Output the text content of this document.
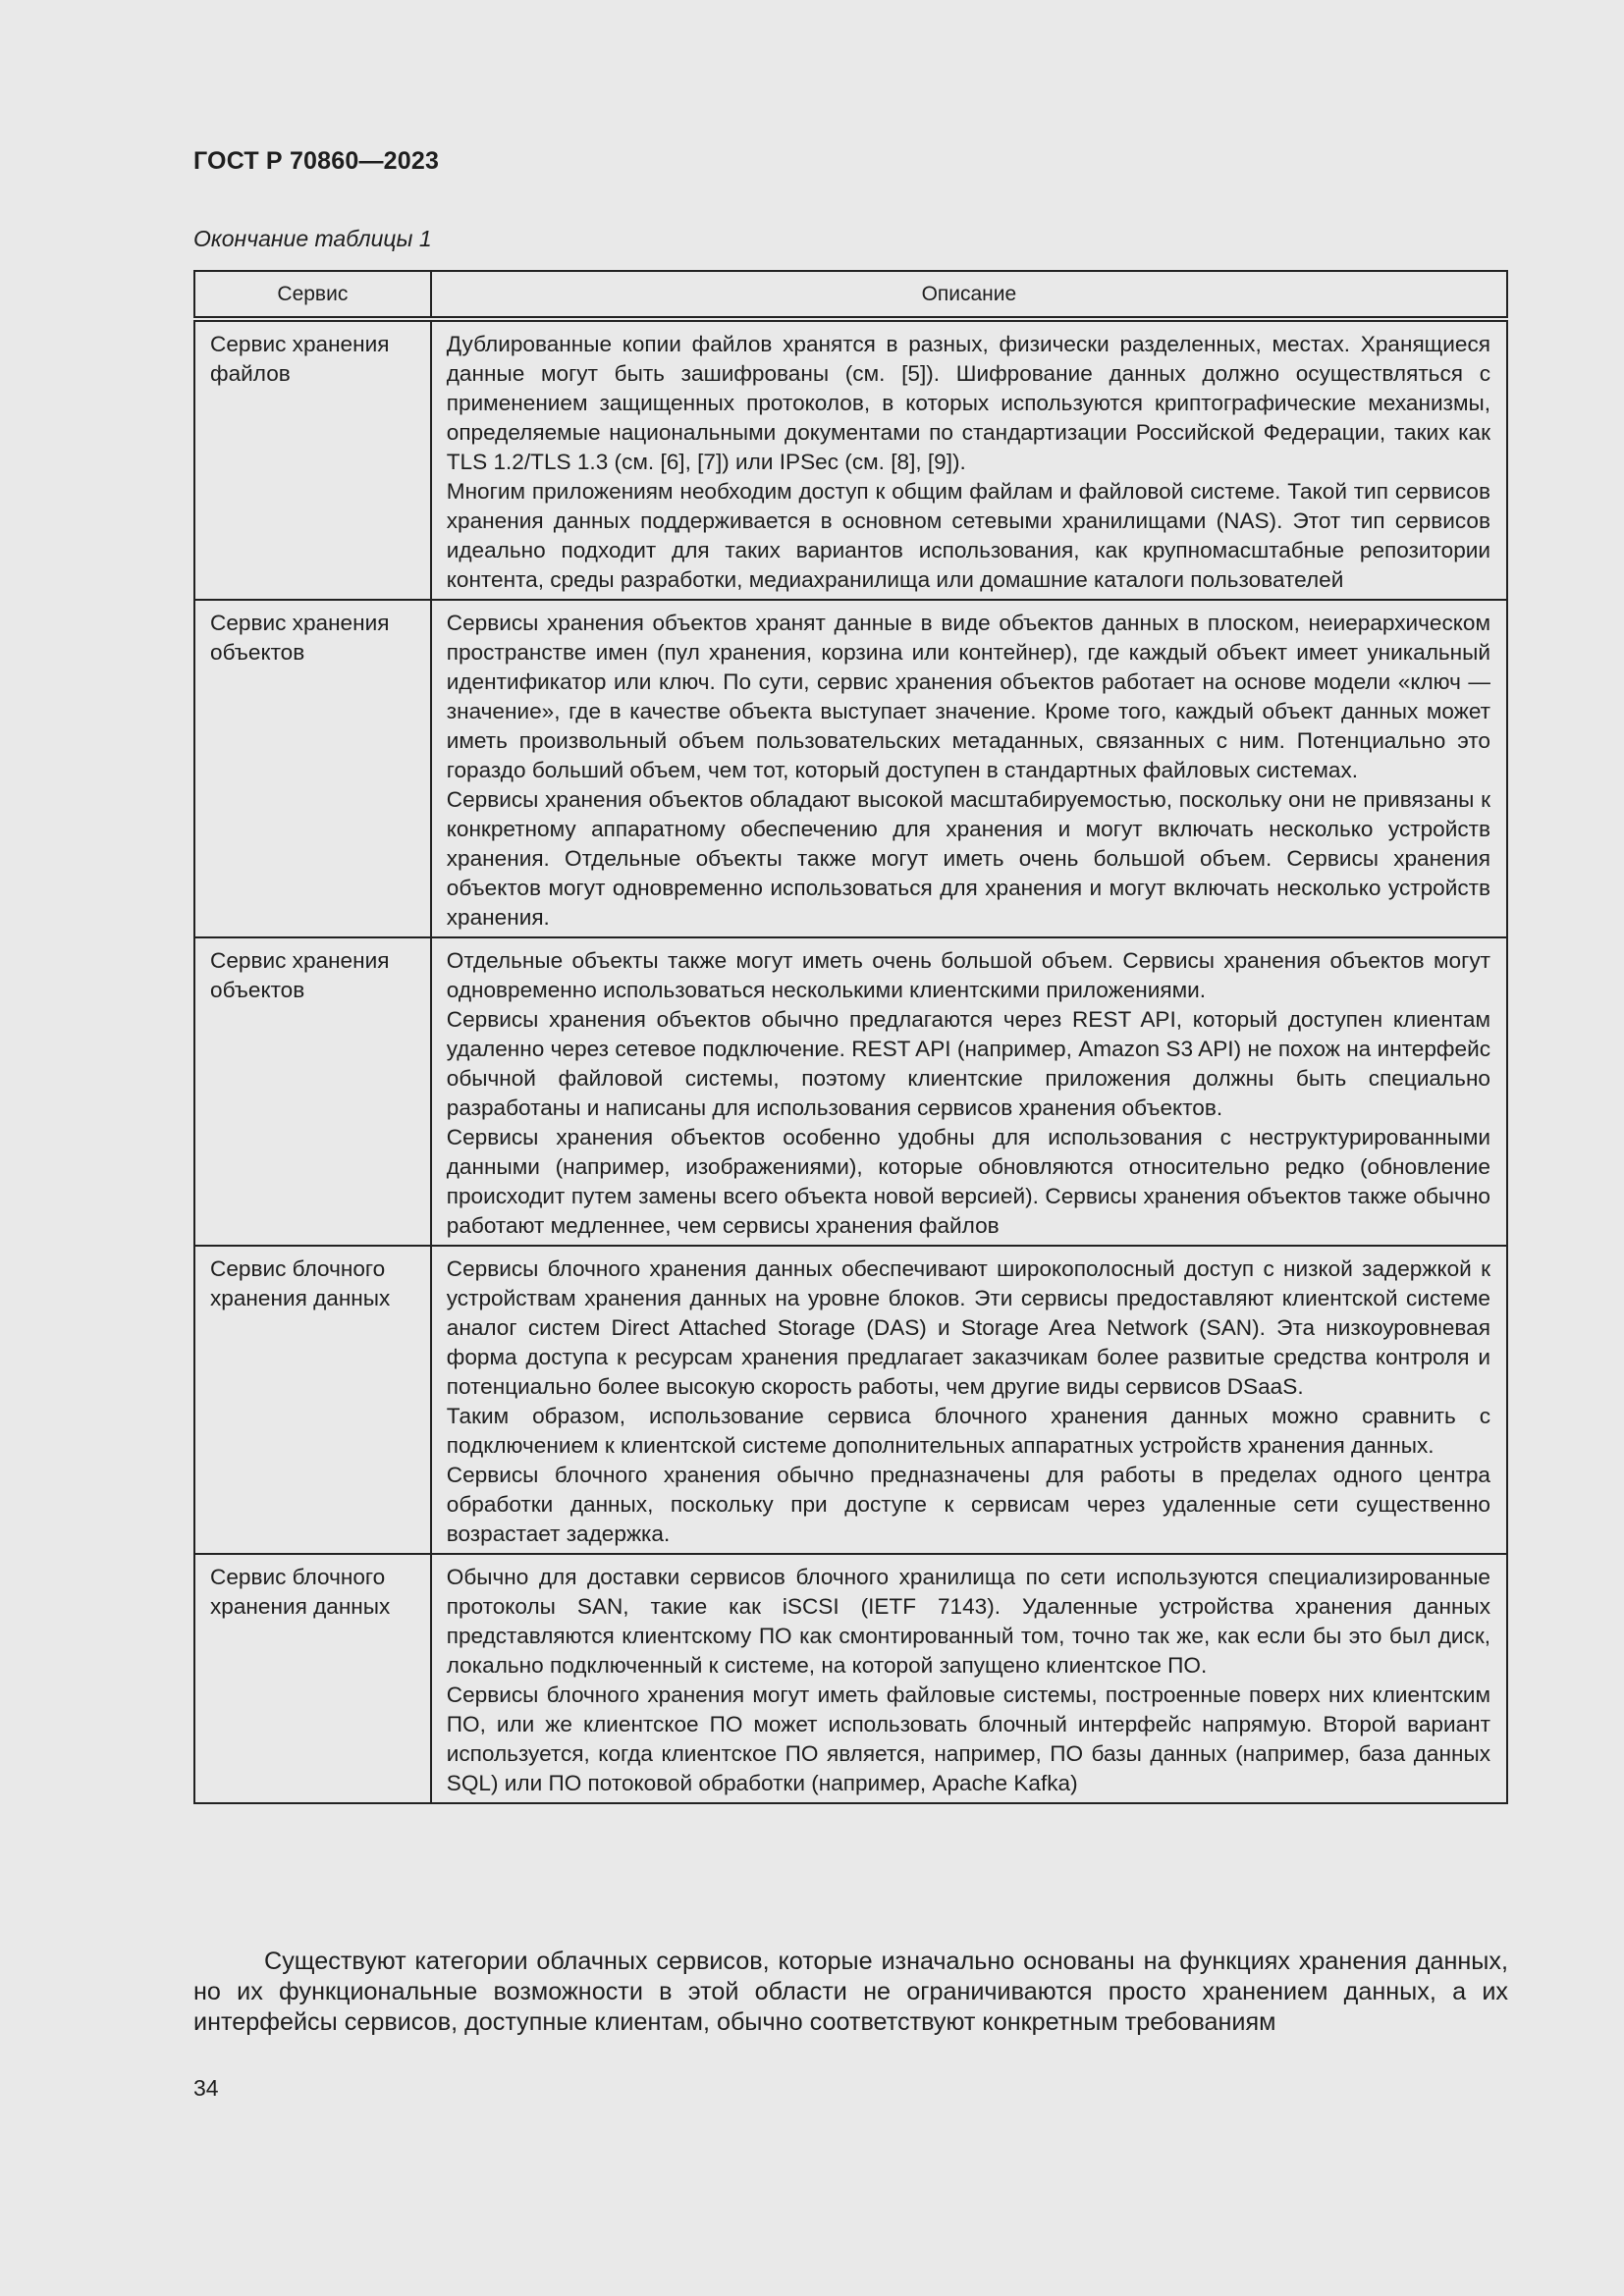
ГОСТ Р 70860—2023
Окончание таблицы 1
Сервис	Описание
Сервис хранения файлов	Дублированные копии файлов хранятся в разных, физически разделенных, местах. Хранящиеся данные могут быть зашифрованы (см. [5]). Шифрование данных должно осуществляться с применением защищенных протоколов, в которых используются криптографические механизмы, определяемые национальными документами по стандартизации Российской Федерации, таких как TLS 1.2/TLS 1.3 (см. [6], [7]) или IPSec (см. [8], [9]).

Многим приложениям необходим доступ к общим файлам и файловой системе. Такой тип сервисов хранения данных поддерживается в основном сетевыми хранилищами (NAS). Этот тип сервисов идеально подходит для таких вариантов использования, как крупномасштабные репозитории контента, среды разработки, медиахранилища или домашние каталоги пользователей

Сервис хранения объектов	Сервисы хранения объектов хранят данные в виде объектов данных в плоском, неиерархическом пространстве имен (пул хранения, корзина или контейнер), где каждый объект имеет уникальный идентификатор или ключ. По сути, сервис хранения объектов работает на основе модели «ключ — значение», где в качестве объекта выступает значение. Кроме того, каждый объект данных может иметь произвольный объем пользовательских метаданных, связанных с ним. Потенциально это гораздо больший объем, чем тот, который доступен в стандартных файловых системах.

Сервисы хранения объектов обладают высокой масштабируемостью, поскольку они не привязаны к конкретному аппаратному обеспечению для хранения и могут включать несколько устройств хранения. Отдельные объекты также могут иметь очень большой объем. Сервисы хранения объектов могут одновременно использоваться для хранения и могут включать несколько устройств хранения.

Сервис хранения объектов	Отдельные объекты также могут иметь очень большой объем. Сервисы хранения объектов могут одновременно использоваться несколькими клиентскими приложениями.

Сервисы хранения объектов обычно предлагаются через REST API, который доступен клиентам удаленно через сетевое подключение. REST API (например, Amazon S3 API) не похож на интерфейс обычной файловой системы, поэтому клиентские приложения должны быть специально разработаны и написаны для использования сервисов хранения объектов.

Сервисы хранения объектов особенно удобны для использования с неструктурированными данными (например, изображениями), которые обновляются относительно редко (обновление происходит путем замены всего объекта новой версией). Сервисы хранения объектов также обычно работают медленнее, чем сервисы хранения файлов

Сервис блочного хранения данных	Сервисы блочного хранения данных обеспечивают широкополосный доступ с низкой задержкой к устройствам хранения данных на уровне блоков. Эти сервисы предоставляют клиентской системе аналог систем Direct Attached Storage (DAS) и Storage Area Network (SAN). Эта низкоуровневая форма доступа к ресурсам хранения предлагает заказчикам более развитые средства контроля и потенциально более высокую скорость работы, чем другие виды сервисов DSaaS.

Таким образом, использование сервиса блочного хранения данных можно сравнить с подключением к клиентской системе дополнительных аппаратных устройств хранения данных.

Сервисы блочного хранения обычно предназначены для работы в пределах одного центра обработки данных, поскольку при доступе к сервисам через удаленные сети существенно возрастает задержка.

Сервис блочного хранения данных	Обычно для доставки сервисов блочного хранилища по сети используются специализированные протоколы SAN, такие как iSCSI (IETF 7143). Удаленные устройства хранения данных представляются клиентскому ПО как смонтированный том, точно так же, как если бы это был диск, локально подключенный к системе, на которой запущено клиентское ПО.

Сервисы блочного хранения могут иметь файловые системы, построенные поверх них клиентским ПО, или же клиентское ПО может использовать блочный интерфейс напрямую. Второй вариант используется, когда клиентское ПО является, например, ПО базы данных (например, база данных SQL) или ПО потоковой обработки (например, Apache Kafka)

Существуют категории облачных сервисов, которые изначально основаны на функциях хранения данных, но их функциональные возможности в этой области не ограничиваются просто хранением данных, а их интерфейсы сервисов, доступные клиентам, обычно соответствуют конкретным требованиям

34
